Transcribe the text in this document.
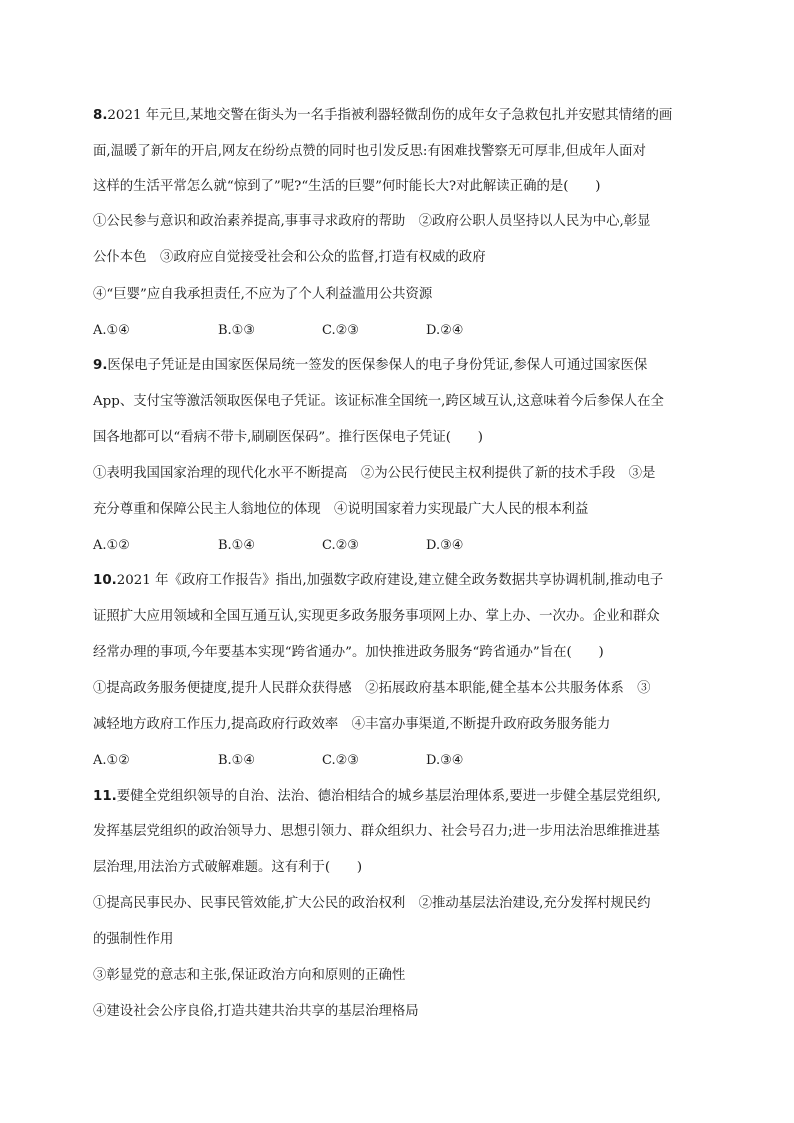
8.2021 年元旦,某地交警在街头为一名手指被利器轻微刮伤的成年女子急救包扎并安慰其情绪的画
面,温暖了新年的开启,网友在纷纷点赞的同时也引发反思:有困难找警察无可厚非,但成年人面对
这样的生活平常怎么就“惊到了”呢?“生活的巨婴”何时能长大?对此解读正确的是(　　)
①公民参与意识和政治素养提高,事事寻求政府的帮助　②政府公职人员坚持以人民为中心,彰显
公仆本色　③政府应自觉接受社会和公众的监督,打造有权威的政府
④“巨婴”应自我承担责任,不应为了个人利益滥用公共资源
A.①④	B.①③	C.②③	D.②④
9.医保电子凭证是由国家医保局统一签发的医保参保人的电子身份凭证,参保人可通过国家医保
App、支付宝等激活领取医保电子凭证。该证标准全国统一,跨区域互认,这意味着今后参保人在全
国各地都可以“看病不带卡,刷刷医保码”。推行医保电子凭证(　　)
①表明我国国家治理的现代化水平不断提高　②为公民行使民主权利提供了新的技术手段　③是
充分尊重和保障公民主人翁地位的体现　④说明国家着力实现最广大人民的根本利益
A.①②	B.①④	C.②③	D.③④
10.2021 年《政府工作报告》指出,加强数字政府建设,建立健全政务数据共享协调机制,推动电子
证照扩大应用领域和全国互通互认,实现更多政务服务事项网上办、掌上办、一次办。企业和群众
经常办理的事项,今年要基本实现“跨省通办”。加快推进政务服务“跨省通办”旨在(　　)
①提高政务服务便捷度,提升人民群众获得感　②拓展政府基本职能,健全基本公共服务体系　③
减轻地方政府工作压力,提高政府行政效率　④丰富办事渠道,不断提升政府政务服务能力
A.①②	B.①④	C.②③	D.③④
11.要健全党组织领导的自治、法治、德治相结合的城乡基层治理体系,要进一步健全基层党组织,
发挥基层党组织的政治领导力、思想引领力、群众组织力、社会号召力;进一步用法治思维推进基
层治理,用法治方式破解难题。这有利于(　　)
①提高民事民办、民事民管效能,扩大公民的政治权利　②推动基层法治建设,充分发挥村规民约
的强制性作用
③彰显党的意志和主张,保证政治方向和原则的正确性
④建设社会公序良俗,打造共建共治共享的基层治理格局
